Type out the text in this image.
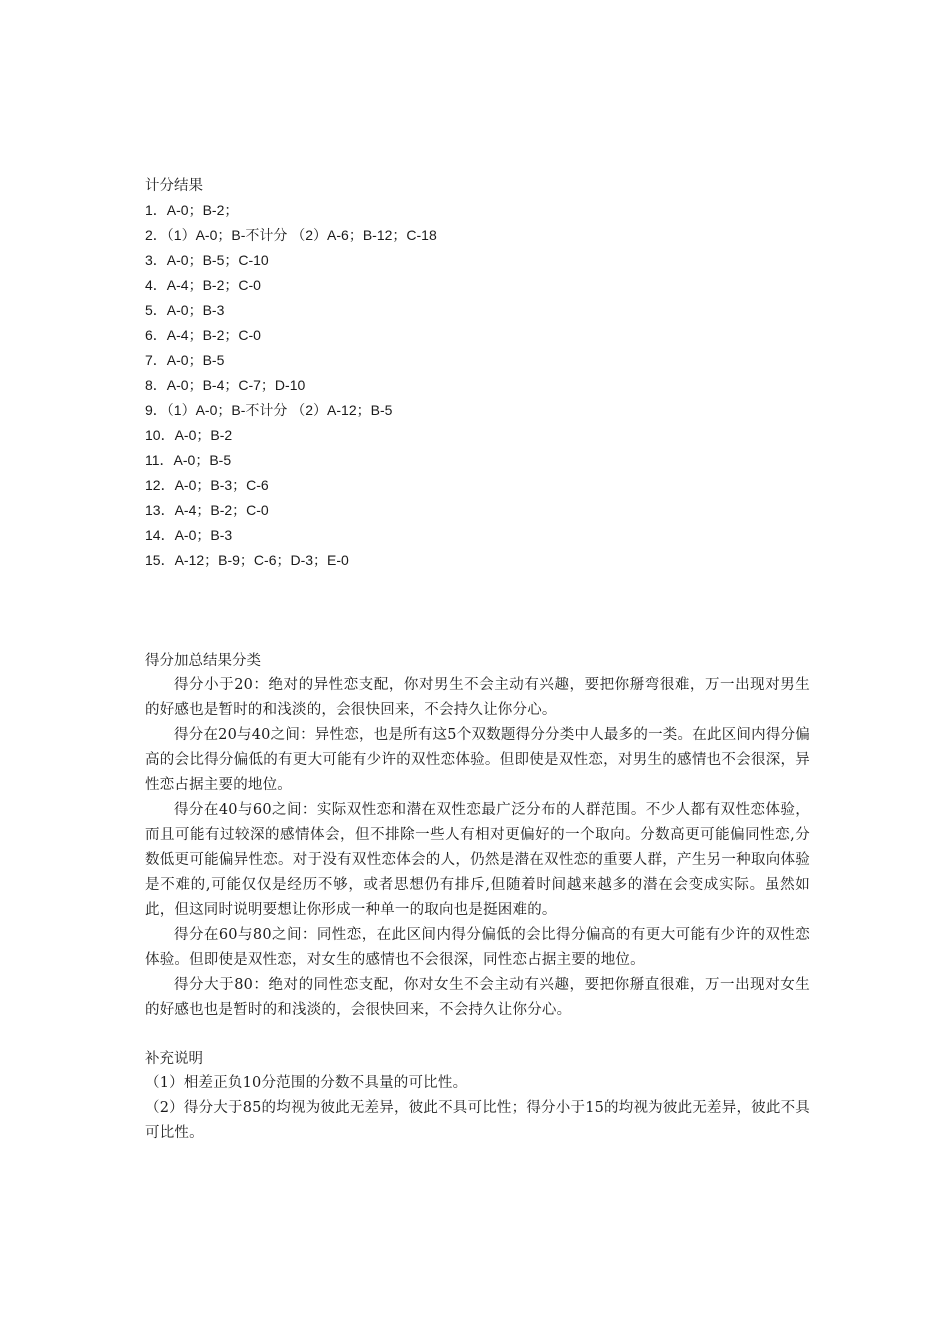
计分结果
1．A-0；B-2；
2．（1）A-0；B-不计分 （2）A-6；B-12；C-18
3．A-0；B-5；C-10
4．A-4；B-2；C-0
5．A-0；B-3
6．A-4；B-2；C-0
7．A-0；B-5
8．A-0；B-4；C-7；D-10
9．（1）A-0；B-不计分 （2）A-12；B-5
10．A-0；B-2
11．A-0；B-5
12．A-0；B-3；C-6
13．A-4；B-2；C-0
14．A-0；B-3
15．A-12；B-9；C-6；D-3；E-0
得分加总结果分类

得分小于20：绝对的异性恋支配，你对男生不会主动有兴趣，要把你掰弯很难，万一出现对男生的好感也是暂时的和浅淡的，会很快回来，不会持久让你分心。

得分在20与40之间：异性恋，也是所有这5个双数题得分分类中人最多的一类。在此区间内得分偏高的会比得分偏低的有更大可能有少许的双性恋体验。但即使是双性恋，对男生的感情也不会很深，异性恋占据主要的地位。

得分在40与60之间：实际双性恋和潜在双性恋最广泛分布的人群范围。不少人都有双性恋体验，而且可能有过较深的感情体会，但不排除一些人有相对更偏好的一个取向。分数高更可能偏同性恋,分数低更可能偏异性恋。对于没有双性恋体会的人，仍然是潜在双性恋的重要人群，产生另一种取向体验是不难的,可能仅仅是经历不够，或者思想仍有排斥,但随着时间越来越多的潜在会变成实际。虽然如此，但这同时说明要想让你形成一种单一的取向也是挺困难的。

得分在60与80之间：同性恋，在此区间内得分偏低的会比得分偏高的有更大可能有少许的双性恋体验。但即使是双性恋，对女生的感情也不会很深，同性恋占据主要的地位。

得分大于80：绝对的同性恋支配，你对女生不会主动有兴趣，要把你掰直很难，万一出现对女生的好感也也是暂时的和浅淡的，会很快回来，不会持久让你分心。

补充说明

（1）相差正负10分范围的分数不具量的可比性。

（2）得分大于85的均视为彼此无差异，彼此不具可比性；得分小于15的均视为彼此无差异，彼此不具可比性。
